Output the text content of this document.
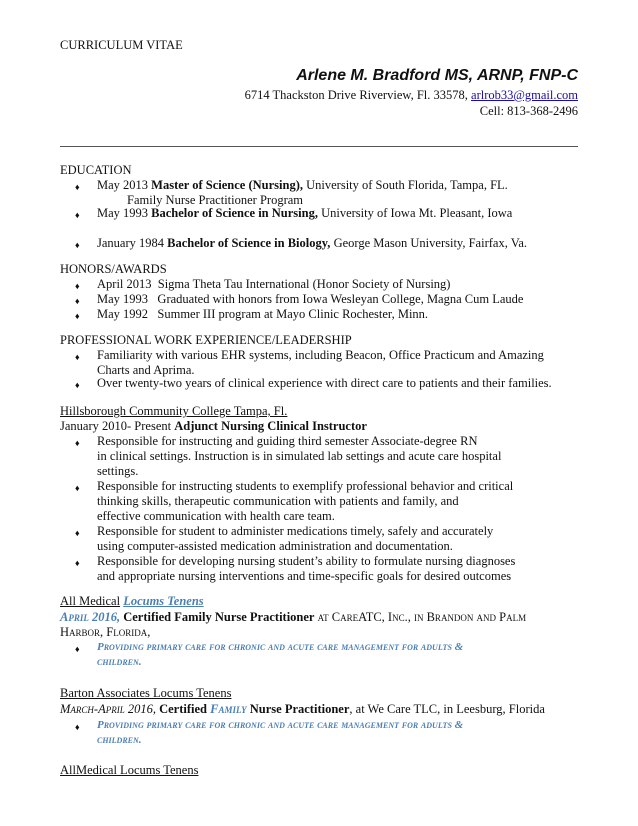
CURRICULUM VITAE
Arlene M. Bradford MS, ARNP, FNP-C
6714 Thackston Drive Riverview, Fl. 33578, arlrob33@gmail.com
Cell: 813-368-2496
EDUCATION
♦ May 2013 Master of Science (Nursing), University of South Florida, Tampa, FL.
Family Nurse Practitioner Program
♦ May 1993 Bachelor of Science in Nursing, University of Iowa Mt. Pleasant, Iowa
♦ January 1984 Bachelor of Science in Biology, George Mason University, Fairfax, Va.
HONORS/AWARDS
♦ April 2013  Sigma Theta Tau International (Honor Society of Nursing)
♦ May 1993   Graduated with honors from Iowa Wesleyan College, Magna Cum Laude
♦ May 1992   Summer III program at Mayo Clinic Rochester, Minn.
PROFESSIONAL WORK EXPERIENCE/LEADERSHIP
♦ Familiarity with various EHR systems, including Beacon, Office Practicum and Amazing
Charts and Aprima.
♦ Over twenty-two years of clinical experience with direct care to patients and their families.
Hillsborough Community College Tampa, Fl.
January 2010- Present Adjunct Nursing Clinical Instructor
♦ Responsible for instructing and guiding third semester Associate-degree RN
in clinical settings. Instruction is in simulated lab settings and acute care hospital
settings.
♦ Responsible for instructing students to exemplify professional behavior and critical
thinking skills, therapeutic communication with patients and family, and
effective communication with health care team.
♦ Responsible for student to administer medications timely, safely and accurately
using computer-assisted medication administration and documentation.
♦ Responsible for developing nursing student’s ability to formulate nursing diagnoses
and appropriate nursing interventions and time-specific goals for desired outcomes
All Medical Locums Tenens
April 2016, Certified Family Nurse Practitioner at CareATC, Inc., in Brandon and Palm
Harbor, Florida,
♦ Providing primary care for chronic and acute care management for adults &
children.
Barton Associates Locums Tenens
March-April 2016, Certified Family Nurse Practitioner, at We Care TLC, in Leesburg, Florida
♦ Providing primary care for chronic and acute care management for adults &
children.
AllMedical Locums Tenens
